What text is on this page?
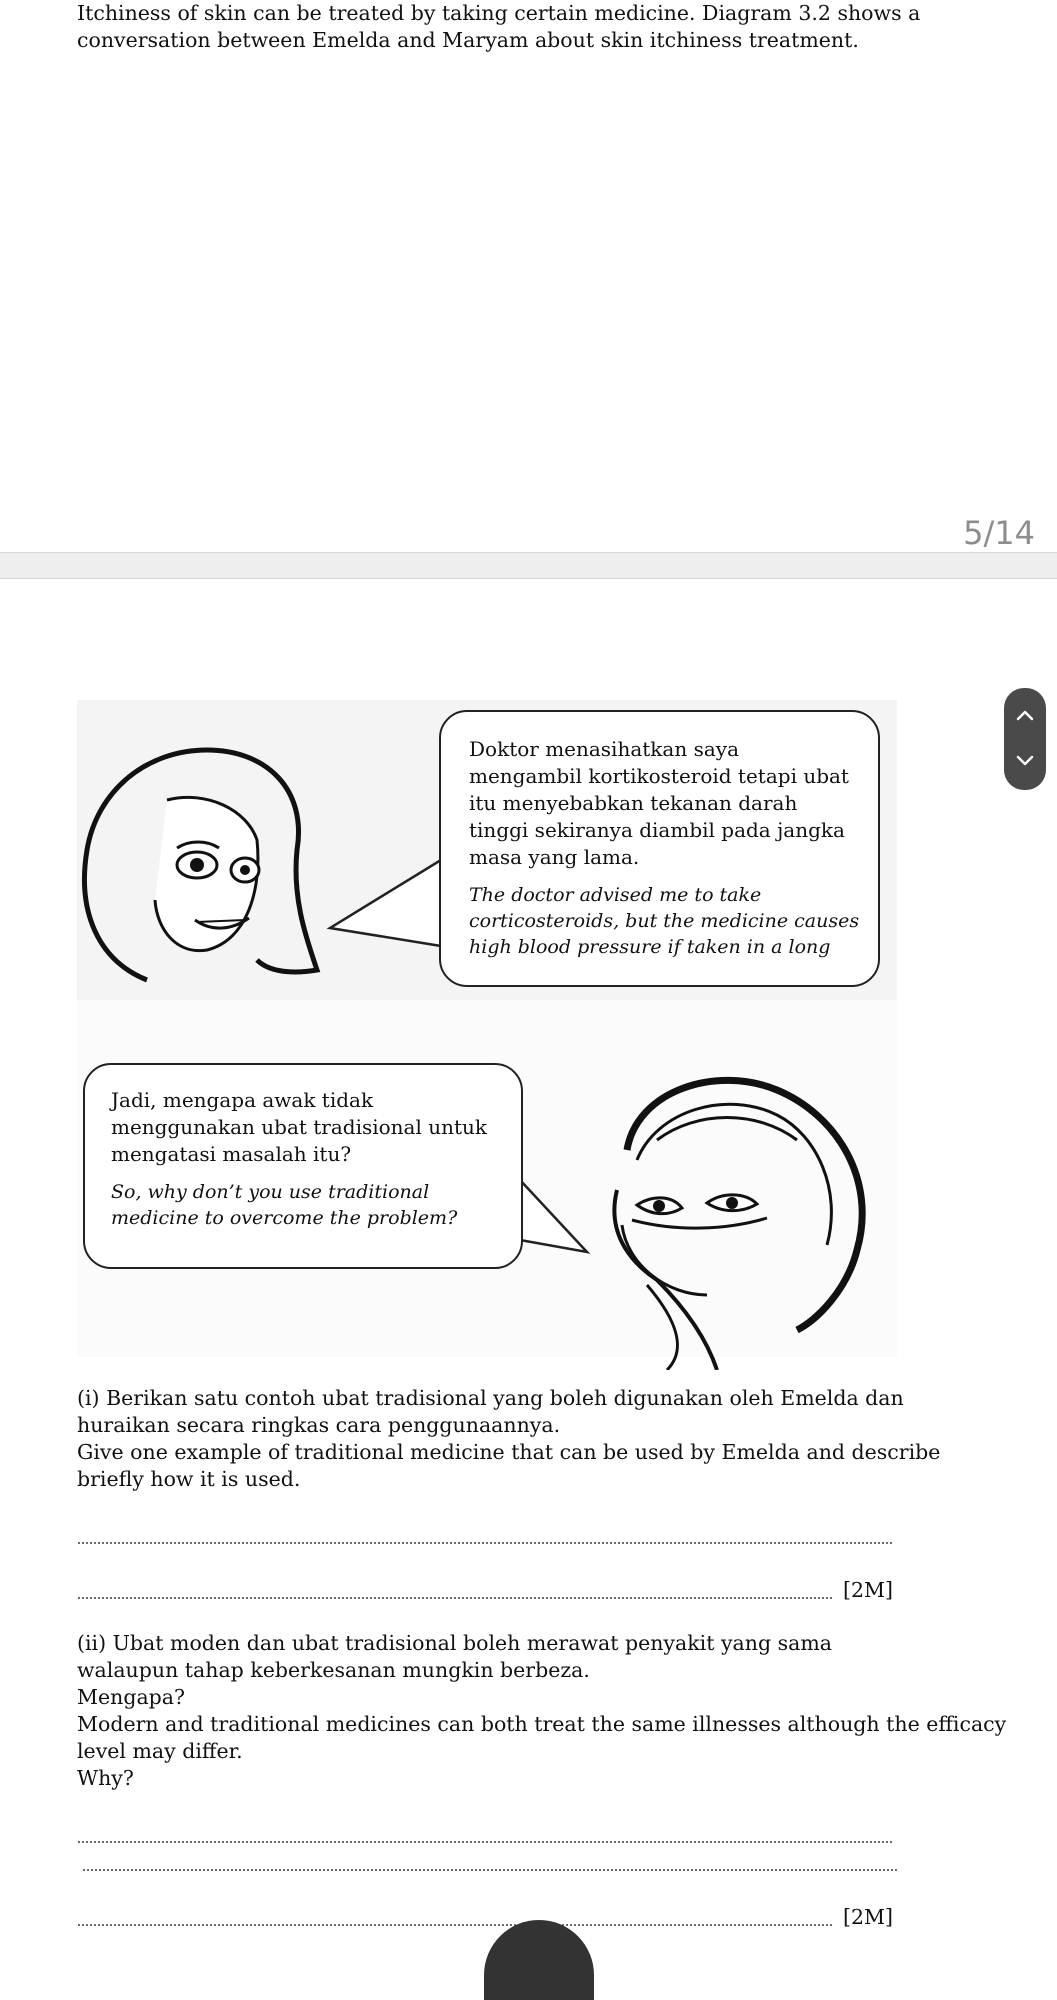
Itchiness of skin can be treated by taking certain medicine. Diagram 3.2 shows a
conversation between Emelda and Maryam about skin itchiness treatment.
5/14
Doktor menasihatkan saya
mengambil kortikosteroid tetapi ubat
itu menyebabkan tekanan darah
tinggi sekiranya diambil pada jangka
masa yang lama.
The doctor advised me to take
corticosteroids, but the medicine causes
high blood pressure if taken in a long
Jadi, mengapa awak tidak
menggunakan ubat tradisional untuk
mengatasi masalah itu?
So, why don’t you use traditional
medicine to overcome the problem?
(i) Berikan satu contoh ubat tradisional yang boleh digunakan oleh Emelda dan
huraikan secara ringkas cara penggunaannya.
Give one example of traditional medicine that can be used by Emelda and describe
briefly how it is used.
[2M]
(ii) Ubat moden dan ubat tradisional boleh merawat penyakit yang sama
walaupun tahap keberkesanan mungkin berbeza.
Mengapa?
Modern and traditional medicines can both treat the same illnesses although the efficacy
level may differ.
Why?
[2M]
